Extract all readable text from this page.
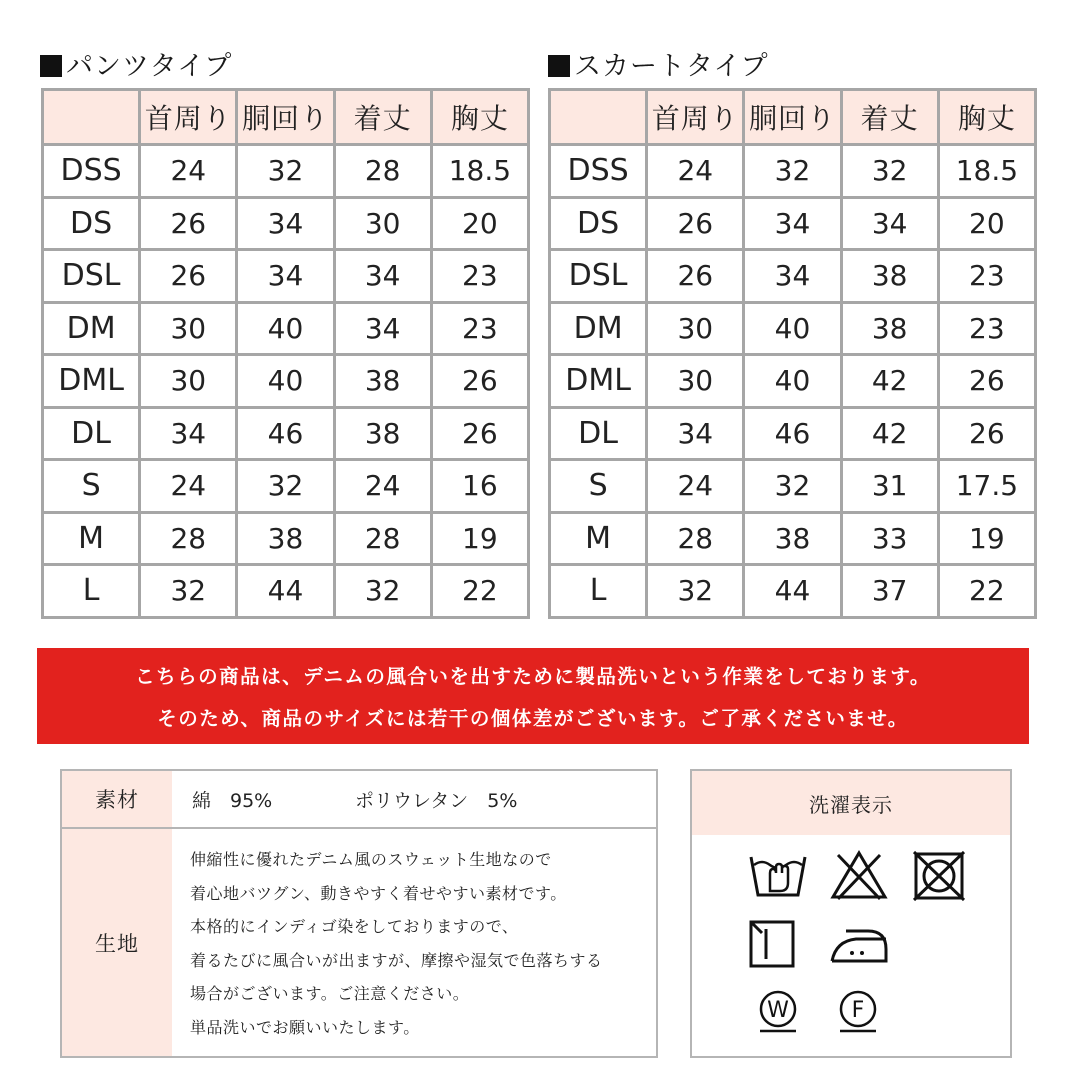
パンツタイプ
	首周り	胴回り	着丈	胸丈
DSS	24	32	28	18.5
DS	26	34	30	20
DSL	26	34	34	23
DM	30	40	34	23
DML	30	40	38	26
DL	34	46	38	26
S	24	32	24	16
M	28	38	28	19
L	32	44	32	22
スカートタイプ
	首周り	胴回り	着丈	胸丈
DSS	24	32	32	18.5
DS	26	34	34	20
DSL	26	34	38	23
DM	30	40	38	23
DML	30	40	42	26
DL	34	46	42	26
S	24	32	31	17.5
M	28	38	33	19
L	32	44	37	22
こちらの商品は、デニムの風合いを出すために製品洗いという作業をしております。
そのため、商品のサイズには若干の個体差がございます。ご了承くださいませ。
素材	綿　95%	ポリウレタン　5%
生地
伸縮性に優れたデニム風のスウェット生地なので
着心地バツグン、動きやすく着せやすい素材です。
本格的にインディゴ染をしておりますので、
着るたびに風合いが出ますが、摩擦や湿気で色落ちする
場合がございます。ご注意ください。
単品洗いでお願いいたします。
洗濯表示
W	F
